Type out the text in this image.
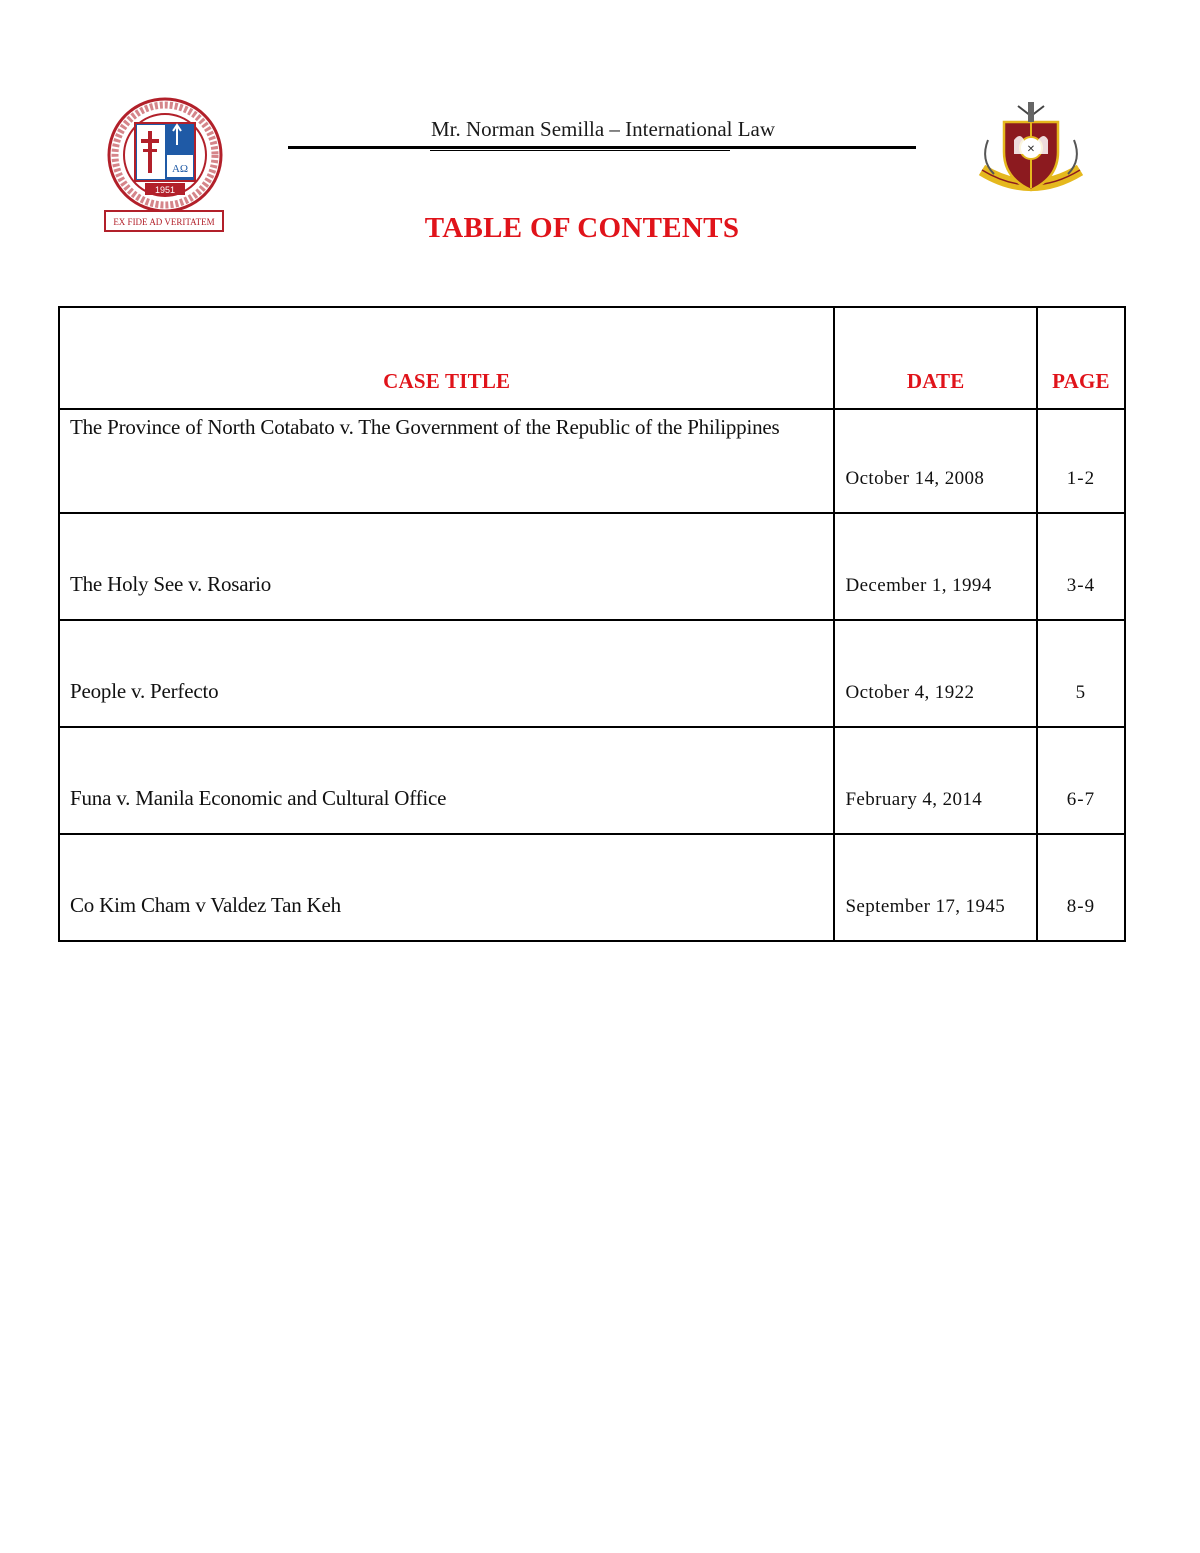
AΩ
1951
EX FIDE AD VERITATEM
Mr. Norman Semilla – International Law
✕
TABLE OF CONTENTS
CASE TITLE	DATE	PAGE
The Province of North Cotabato v. The Government of the Republic of the Philippines	October 14, 2008	1-2
The Holy See v. Rosario	December 1, 1994	3-4
People v. Perfecto	October 4, 1922	5
Funa v. Manila Economic and Cultural Office	February 4, 2014	6-7
Co Kim Cham v Valdez Tan Keh	September 17, 1945	8-9
